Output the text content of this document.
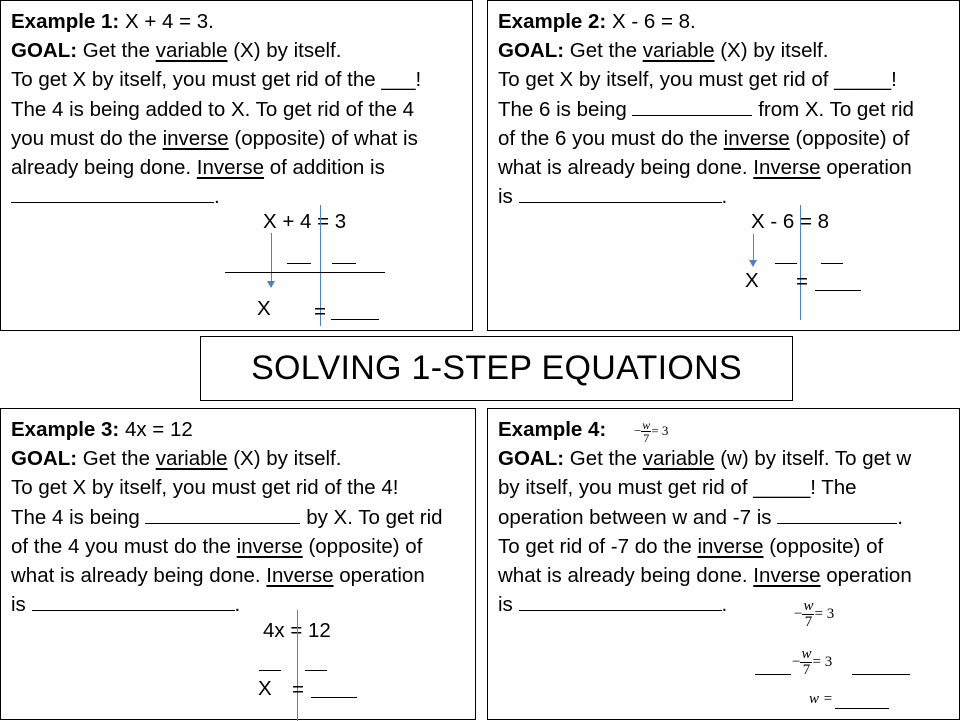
Example 1: X + 4 = 3.
GOAL: Get the variable (X) by itself.
To get X by itself, you must get rid of the ___!
The 4 is being added to X. To get rid of the 4
you must do the inverse (opposite) of what is
already being done. Inverse of addition is
.
X + 4 = 3
X =
Example 2: X - 6 = 8.
GOAL: Get the variable (X) by itself.
To get X by itself, you must get rid of _____!
The 6 is being	from X. To get rid
of the 6 you must do the inverse (opposite) of
what is already being done. Inverse operation
is	.
X - 6 = 8
X =
SOLVING 1-STEP EQUATIONS
Example 3: 4x = 12
GOAL: Get the variable (X) by itself.
To get X by itself, you must get rid of the 4!
The 4 is being	by X. To get rid
of the 4 you must do the inverse (opposite) of
what is already being done. Inverse operation
is	.
4x = 12
X =
Example 4: − $\frac{w}{7} = 3$
GOAL: Get the variable (w) by itself. To get w
by itself, you must get rid of _____! The
operation between w and -7 is	.
To get rid of -7 do the inverse (opposite) of
what is already being done. Inverse operation
is	.	− $\frac{w}{7} = 3$
− $\frac{w}{7} = 3$
w =
